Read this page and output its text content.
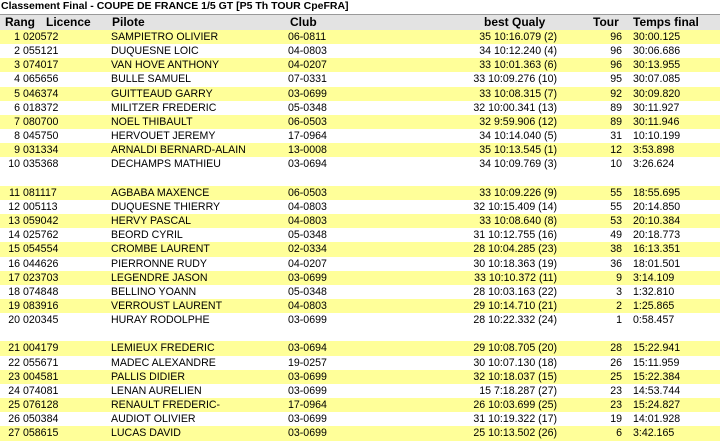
Classement Final - COUPE DE FRANCE 1/5 GT [P5 Th TOUR CpeFRA]
Rang Licence Pilote	Club	best Qualy	Tour Temps final
1 020572	SAMPIETRO OLIVIER	06-0811	35 10:16.079 (2)	96 30:00.125
2 055121	DUQUESNE LOIC	04-0803	34 10:12.240 (4)	96 30:06.686
3 074017	VAN HOVE ANTHONY	04-0207	33 10:01.363 (6)	96 30:13.955
4 065656	BULLE SAMUEL	07-0331	33 10:09.276 (10)	95 30:07.085
5 046374	GUITTEAUD GARRY	03-0699	33 10:08.315 (7)	92 30:09.820
6 018372	MILITZER FREDERIC	05-0348	32 10:00.341 (13)	89 30:11.927
7 080700	NOEL THIBAULT	06-0503	32 9:59.906 (12)	89 30:11.946
8 045750	HERVOUET JEREMY	17-0964	34 10:14.040 (5)	31 10:10.199
9 031334	ARNALDI BERNARD-ALAIN	13-0008	35 10:13.545 (1)	12 3:53.898
10 035368	DECHAMPS MATHIEU	03-0694	34 10:09.769 (3)	10 3:26.624
11 081117	AGBABA MAXENCE	06-0503	33 10:09.226 (9)	55 18:55.695
12 005113	DUQUESNE THIERRY	04-0803	32 10:15.409 (14)	55 20:14.850
13 059042	HERVY PASCAL	04-0803	33 10:08.640 (8)	53 20:10.384
14 025762	BEORD CYRIL	05-0348	31 10:12.755 (16)	49 20:18.773
15 054554	CROMBE LAURENT	02-0334	28 10:04.285 (23)	38 16:13.351
16 044626	PIERRONNE RUDY	04-0207	30 10:18.363 (19)	36 18:01.501
17 023703	LEGENDRE JASON	03-0699	33 10:10.372 (11)	9 3:14.109
18 074848	BELLINO YOANN	05-0348	28 10:03.163 (22)	3 1:32.810
19 083916	VERROUST LAURENT	04-0803	29 10:14.710 (21)	2 1:25.865
20 020345	HURAY RODOLPHE	03-0699	28 10:22.332 (24)	1 0:58.457
21 004179	LEMIEUX FREDERIC	03-0694	29 10:08.705 (20)	28 15:22.941
22 055671	MADEC ALEXANDRE	19-0257	30 10:07.130 (18)	26 15:11.959
23 004581	PALLIS DIDIER	03-0699	32 10:18.037 (15)	25 15:22.384
24 074081	LENAN AURELIEN	03-0699	15 7:18.287 (27)	23 14:53.744
25 076128	RENAULT FREDERIC-	17-0964	26 10:03.699 (25)	23 15:24.827
26 050384	AUDIOT OLIVIER	03-0699	31 10:19.322 (17)	19 14:01.928
27 058615	LUCAS DAVID	03-0699	25 10:13.502 (26)	6 3:42.165
